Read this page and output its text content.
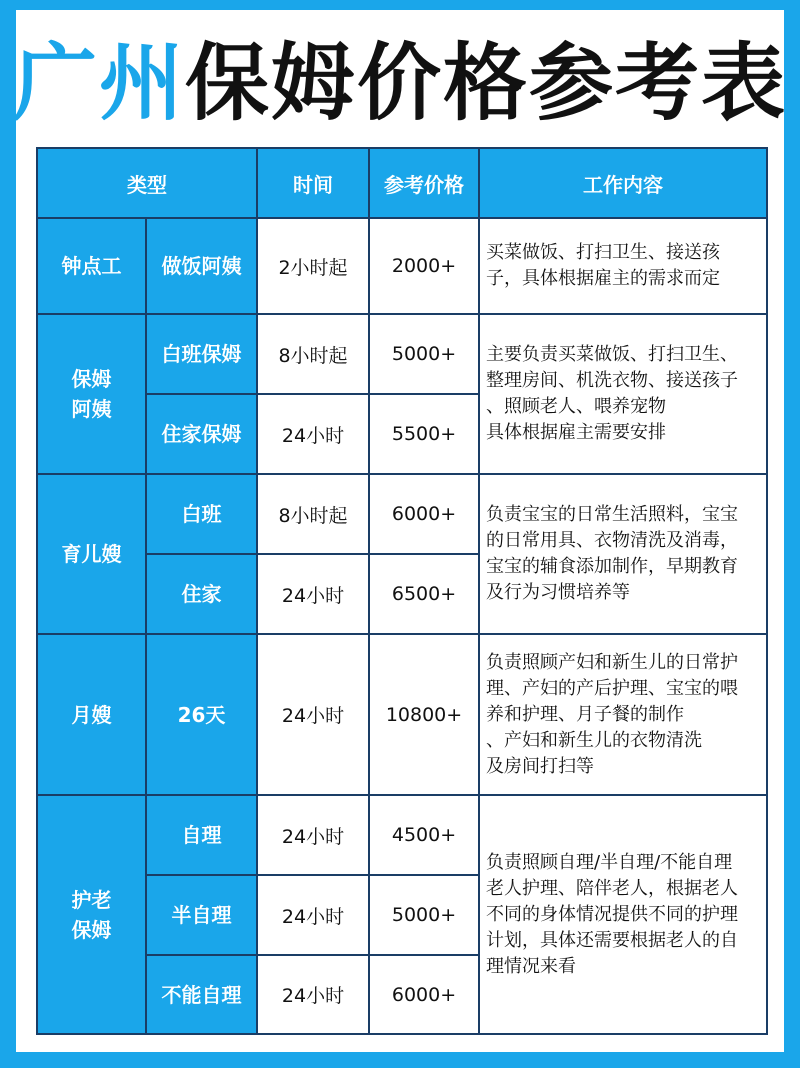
广州保姆价格参考表
类型		时间	参考价格	工作内容
钟点工	做饭阿姨	2小时起	2000+	买菜做饭、打扫卫生、接送孩
子，具体根据雇主的需求而定
保姆
阿姨	白班保姆	8小时起	5000+	主要负责买菜做饭、打扫卫生、
整理房间、机洗衣物、接送孩子
、照顾老人、喂养宠物
具体根据雇主需要安排
	住家保姆	24小时	5500+	
育儿嫂	白班	8小时起	6000+	负责宝宝的日常生活照料，宝宝
的日常用具、衣物清洗及消毒，
宝宝的辅食添加制作，早期教育
及行为习惯培养等
	住家	24小时	6500+	
月嫂	26天	24小时	10800+	负责照顾产妇和新生儿的日常护
理、产妇的产后护理、宝宝的喂
养和护理、月子餐的制作
、产妇和新生儿的衣物清洗
及房间打扫等
护老
保姆	自理	24小时	4500+	负责照顾自理/半自理/不能自理
老人护理、陪伴老人，根据老人
不同的身体情况提供不同的护理
计划，具体还需要根据老人的自
理情况来看
	半自理	24小时	5000+	
	不能自理	24小时	6000+	
